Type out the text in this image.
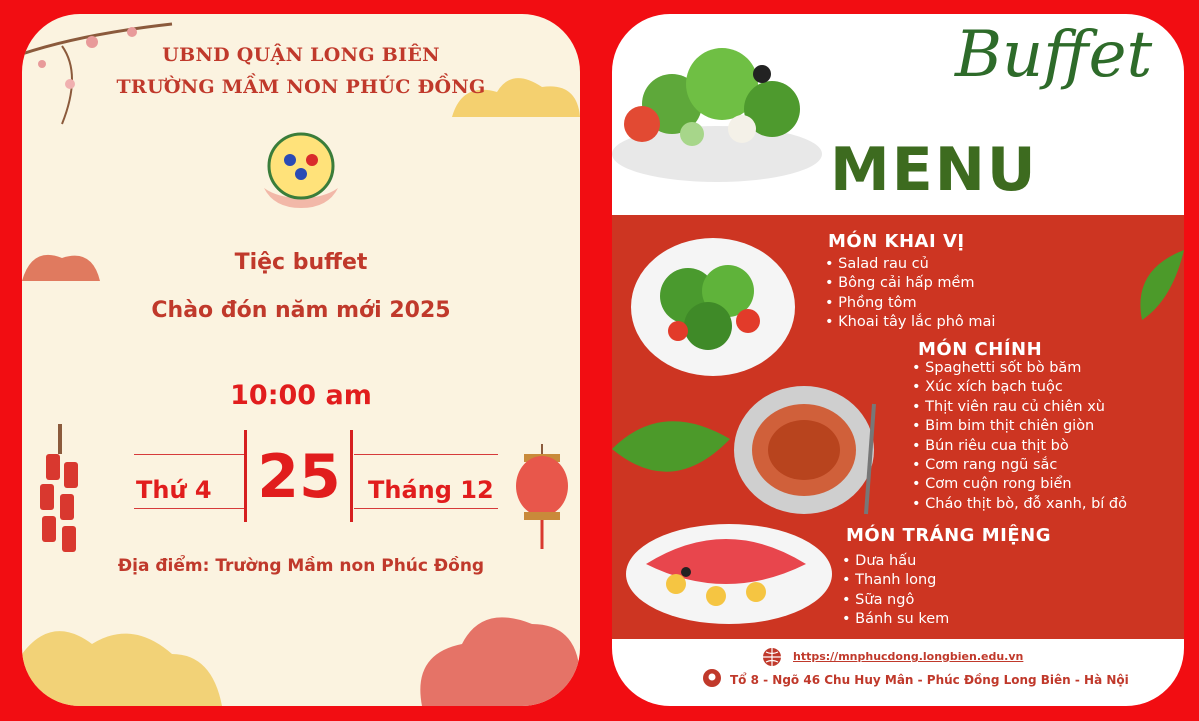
UBND QUẬN LONG BIÊN
TRƯỜNG MẦM NON PHÚC ĐỒNG
Tiệc buffet
Chào đón năm mới 2025
10:00 am
Thứ 4 25	Tháng 12
Địa điểm: Trường Mầm non Phúc Đồng
Buffet
MENU
MÓN KHAI VỊ
• Salad rau củ
• Bông cải hấp mềm
• Phồng tôm
• Khoai tây lắc phô mai
MÓN CHÍNH
• Spaghetti sốt bò băm
• Xúc xích bạch tuộc
• Thịt viên rau củ chiên xù
• Bim bim thịt chiên giòn
• Bún riêu cua thịt bò
• Cơm rang ngũ sắc
• Cơm cuộn rong biển
• Cháo thịt bò, đỗ xanh, bí đỏ
MÓN TRÁNG MIỆNG
• Dưa hấu
• Thanh long
• Sữa ngô
• Bánh su kem
https://mnphucdong.longbien.edu.vn
Tổ 8 - Ngõ 46 Chu Huy Mân - Phúc Đồng Long Biên - Hà Nội
